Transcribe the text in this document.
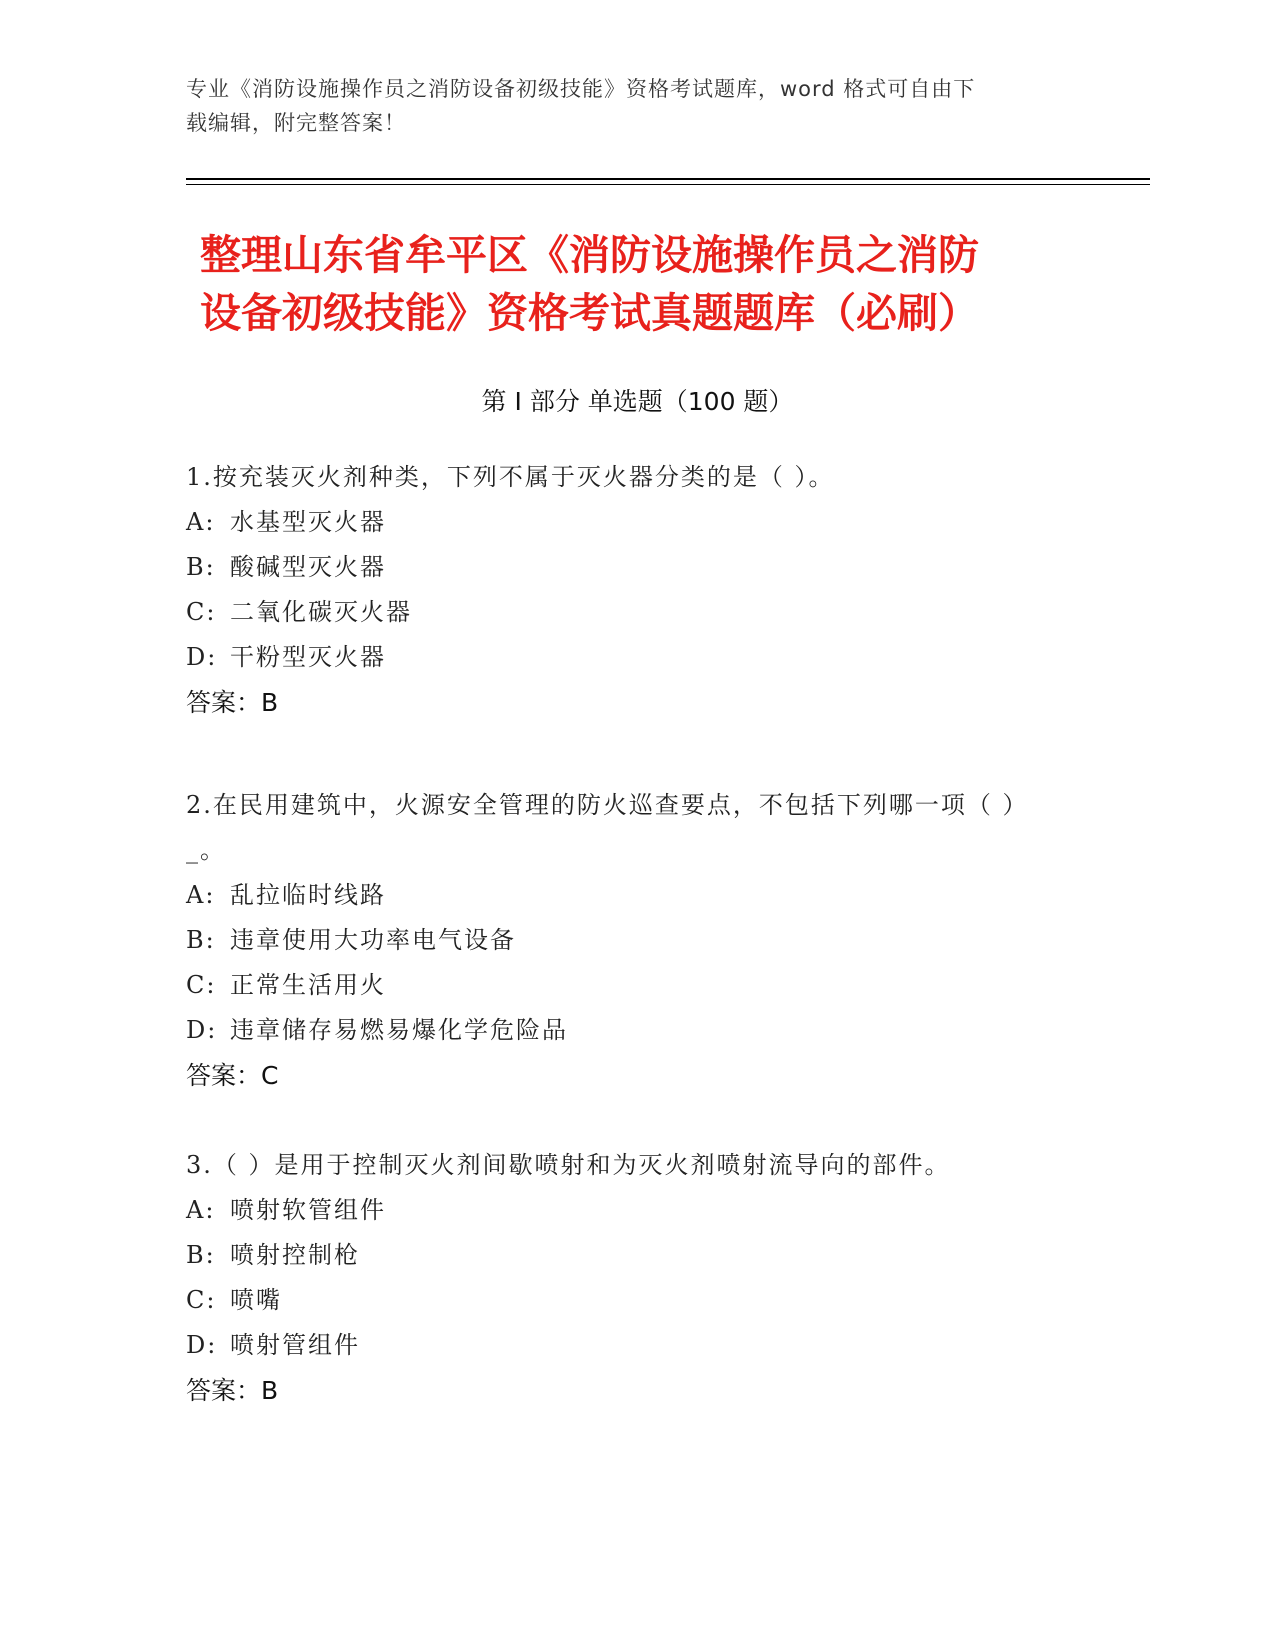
专业《消防设施操作员之消防设备初级技能》资格考试题库，word 格式可自由下
载编辑，附完整答案！
整理山东省牟平区《消防设施操作员之消防
设备初级技能》资格考试真题题库（必刷）
第 I 部分 单选题（100 题）

1.按充装灭火剂种类，下列不属于灭火器分类的是（ ）。

A: 水基型灭火器
B: 酸碱型灭火器
C: 二氧化碳灭火器
D: 干粉型灭火器
答案：B

2.在民用建筑中，火源安全管理的防火巡查要点，不包括下列哪一项（ ）_。

A: 乱拉临时线路
B: 违章使用大功率电气设备
C: 正常生活用火
D: 违章储存易燃易爆化学危险品
答案：C

3.（ ）是用于控制灭火剂间歇喷射和为灭火剂喷射流导向的部件。

A: 喷射软管组件
B: 喷射控制枪
C: 喷嘴
D: 喷射管组件
答案：B
